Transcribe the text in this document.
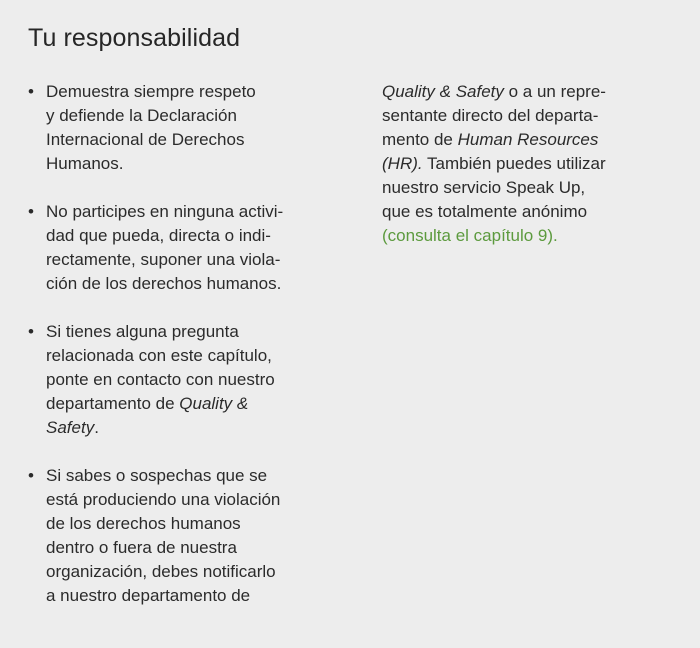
Tu responsabilidad
• Demuestra siempre respeto
y defiende la Declaración
Internacional de Derechos
Humanos.
• No participes en ninguna activi-
dad que pueda, directa o indi-
rectamente, suponer una viola-
ción de los derechos humanos.
• Si tienes alguna pregunta
relacionada con este capítulo,
ponte en contacto con nuestro
departamento de Quality &
Safety.
• Si sabes o sospechas que se
está produciendo una violación
de los derechos humanos
dentro o fuera de nuestra
organización, debes notificarlo
a nuestro departamento de
Quality & Safety o a un repre-
sentante directo del departa-
mento de Human Resources
(HR). También puedes utilizar
nuestro servicio Speak Up,
que es totalmente anónimo
(consulta el capítulo 9).
